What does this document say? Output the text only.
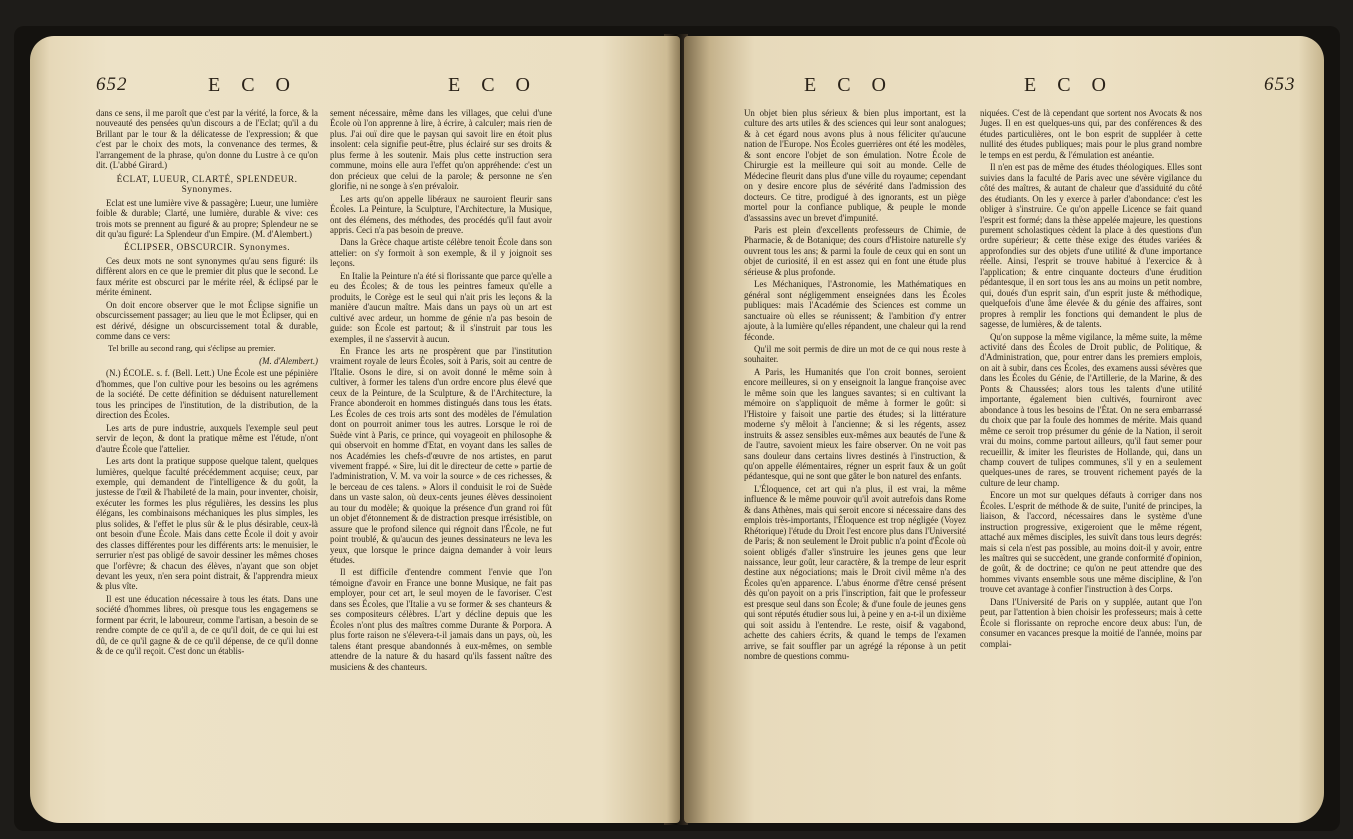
652	E C O	E C O

dans ce sens, il me paroît que c'est par la vérité, la force, & la nouveauté des pensées qu'un discours a de l'Eclat; qu'il a du Brillant par le tour & la délicatesse de l'expression; & que c'est par le choix des mots, la convenance des termes, & l'arrangement de la phrase, qu'on donne du Lustre à ce qu'on dit. (L'abbé Girard.)

ÉCLAT, LUEUR, CLARTÉ, SPLENDEUR. Synonymes.

Eclat est une lumière vive & passagère; Lueur, une lumière foible & durable; Clarté, une lumière, durable & vive: ces trois mots se prennent au figuré & au propre; Splendeur ne se dit qu'au figuré: La Splendeur d'un Empire. (M. d'Alembert.)

ÉCLIPSER, OBSCURCIR. Synonymes.

Ces deux mots ne sont synonymes qu'au sens figuré: ils diffèrent alors en ce que le premier dit plus que le second. Le faux mérite est obscurci par le mérite réel, & éclipsé par le mérite éminent.

On doit encore observer que le mot Éclipse signifie un obscurcissement passager; au lieu que le mot Éclipser, qui en est dérivé, désigne un obscurcissement total & durable, comme dans ce vers:

Tel brille au second rang, qui s'éclipse au premier.

(M. d'Alembert.)

(N.) ÉCOLE. s. f. (Bell. Lett.) Une École est une pépinière d'hommes, que l'on cultive pour les besoins ou les agrémens de la société. De cette définition se déduisent naturellement tous les principes de l'institution, de la distribution, de la direction des Écoles.

Les arts de pure industrie, auxquels l'exemple seul peut servir de leçon, & dont la pratique même est l'étude, n'ont d'autre École que l'attelier.

Les arts dont la pratique suppose quelque talent, quelques lumières, quelque faculté précédemment acquise; ceux, par exemple, qui demandent de l'intelligence & du goût, la justesse de l'œil & l'habileté de la main, pour inventer, choisir, exécuter les formes les plus régulières, les dessins les plus élégans, les combinaisons méchaniques les plus simples, les plus solides, & l'effet le plus sûr & le plus désirable, ceux-là ont besoin d'une École. Mais dans cette École il doit y avoir des classes différentes pour les différents arts: le menuisier, le serrurier n'est pas obligé de savoir dessiner les mêmes choses que l'orfèvre; & chacun des élèves, n'ayant que son objet devant les yeux, n'en sera point distrait, & l'apprendra mieux & plus vîte.

Il est une éducation nécessaire à tous les états. Dans une société d'hommes libres, où presque tous les engagemens se forment par écrit, le laboureur, comme l'artisan, a besoin de se rendre compte de ce qu'il a, de ce qu'il doit, de ce qui lui est dû, de ce qu'il gagne & de ce qu'il dépense, de ce qu'il donne & de ce qu'il reçoit. C'est donc un établis-

sement nécessaire, même dans les villages, que celui d'une École où l'on apprenne à lire, à écrire, à calculer; mais rien de plus. J'ai ouï dire que le paysan qui savoit lire en étoit plus insolent: cela signifie peut-être, plus éclairé sur ses droits & plus ferme à les soutenir. Mais plus cette instruction sera commune, moins elle aura l'effet qu'on appréhende: c'est un don précieux que celui de la parole; & personne ne s'en glorifie, ni ne songe à s'en prévaloir.

Les arts qu'on appelle libéraux ne sauroient fleurir sans Écoles. La Peinture, la Sculpture, l'Architecture, la Musique, ont des élémens, des méthodes, des procédés qu'il faut avoir appris. Ceci n'a pas besoin de preuve.

Dans la Grèce chaque artiste célèbre tenoit École dans son attelier: on s'y formoit à son exemple, & il y joignoit ses leçons.

En Italie la Peinture n'a été si florissante que parce qu'elle a eu des Écoles; & de tous les peintres fameux qu'elle a produits, le Corège est le seul qui n'ait pris les leçons & la manière d'aucun maître. Mais dans un pays où un art est cultivé avec ardeur, un homme de génie n'a pas besoin de guide: son École est partout; & il s'instruit par tous les exemples, il ne s'asservit à aucun.

En France les arts ne prospèrent que par l'institution vraiment royale de leurs Écoles, soit à Paris, soit au centre de l'Italie. Osons le dire, si on avoit donné le même soin à cultiver, à former les talens d'un ordre encore plus élevé que ceux de la Peinture, de la Sculpture, & de l'Architecture, la France abonderoit en hommes distingués dans tous les états. Les Écoles de ces trois arts sont des modèles de l'émulation dont on pourroit animer tous les autres. Lorsque le roi de Suède vint à Paris, ce prince, qui voyageoit en philosophe & qui observoit en homme d'Etat, en voyant dans les salles de nos Académies les chefs-d'œuvre de nos artistes, en parut vivement frappé. « Sire, lui dit le directeur de cette » partie de l'administration, V. M. va voir la source » de ces richesses, & le berceau de ces talens. » Alors il conduisit le roi de Suède dans un vaste salon, où deux-cents jeunes élèves dessinoient au tour du modèle; & quoique la présence d'un grand roi fût un objet d'étonnement & de distraction presque irrésistible, on assure que le profond silence qui régnoit dans l'École, ne fut point troublé, & qu'aucun des jeunes dessinateurs ne leva les yeux, que lorsque le prince daigna demander à voir leurs études.

Il est difficile d'entendre comment l'envie que l'on témoigne d'avoir en France une bonne Musique, ne fait pas employer, pour cet art, le seul moyen de le favoriser. C'est dans ses Écoles, que l'Italie a vu se former & ses chanteurs & ses compositeurs célèbres. L'art y décline depuis que les Écoles n'ont plus des maîtres comme Durante & Porpora. A plus forte raison ne s'élevera-t-il jamais dans un pays, où, les talens étant presque abandonnés à eux-mêmes, on semble attendre de la nature & du hasard qu'ils fassent naître des musiciens & des chanteurs.

E C O	E C O	653

Un objet bien plus sérieux & bien plus important, est la culture des arts utiles & des sciences qui leur sont analogues; & à cet égard nous avons plus à nous féliciter qu'aucune nation de l'Europe. Nos Écoles guerrières ont été les modèles, & sont encore l'objet de son émulation. Notre École de Chirurgie est la meilleure qui soit au monde. Celle de Médecine fleurit dans plus d'une ville du royaume; cependant on y desire encore plus de sévérité dans l'admission des docteurs. Ce titre, prodigué à des ignorants, est un piège mortel pour la confiance publique, & peuple le monde d'assassins avec un brevet d'impunité.

Paris est plein d'excellents professeurs de Chimie, de Pharmacie, & de Botanique; des cours d'Histoire naturelle s'y ouvrent tous les ans; & parmi la foule de ceux qui en sont un objet de curiosité, il en est assez qui en font une étude plus sérieuse & plus profonde.

Les Méchaniques, l'Astronomie, les Mathématiques en général sont négligemment enseignées dans les Écoles publiques: mais l'Académie des Sciences est comme un sanctuaire où elles se réunissent; & l'ambition d'y entrer ajoute, à la lumière qu'elles répandent, une chaleur qui la rend féconde.

Qu'il me soit permis de dire un mot de ce qui nous reste à souhaiter.

A Paris, les Humanités que l'on croit bonnes, seroient encore meilleures, si on y enseignoit la langue françoise avec le même soin que les langues savantes; si en cultivant la mémoire on s'appliquoit de même à former le goût: si l'Histoire y faisoit une partie des études; si la littérature moderne s'y mêloit à l'ancienne; & si les régents, assez instruits & assez sensibles eux-mêmes aux beautés de l'une & de l'autre, savoient mieux les faire observer. On ne voit pas sans douleur dans certains livres destinés à l'instruction, & qu'on appelle élémentaires, régner un esprit faux & un goût pédantesque, qui ne sont que gâter le bon naturel des enfants.

L'Éloquence, cet art qui n'a plus, il est vrai, la même influence & le même pouvoir qu'il avoit autrefois dans Rome & dans Athènes, mais qui seroit encore si nécessaire dans des emplois très-importants, l'Éloquence est trop négligée (Voyez Rhétorique) l'étude du Droit l'est encore plus dans l'Université de Paris; & non seulement le Droit public n'a point d'École où soient obligés d'aller s'instruire les jeunes gens que leur naissance, leur goût, leur caractère, & la trempe de leur esprit destine aux négociations; mais le Droit civil même n'a des Écoles qu'en apparence. L'abus énorme d'être censé présent dès qu'on payoit on a pris l'inscription, fait que le professeur est presque seul dans son École; & d'une foule de jeunes gens qui sont réputés étudier sous lui, à peine y en a-t-il un dixième qui soit assidu à l'entendre. Le reste, oisif & vagabond, achette des cahiers écrits, & quand le temps de l'examen arrive, se fait souffler par un agrégé la réponse à un petit nombre de questions commu-

niquées. C'est de là cependant que sortent nos Avocats & nos Juges. Il en est quelques-uns qui, par des conférences & des études particulières, ont le bon esprit de suppléer à cette nullité des études publiques; mais pour le plus grand nombre le temps en est perdu, & l'émulation est anéantie.

Il n'en est pas de même des études théologiques. Elles sont suivies dans la faculté de Paris avec une sévère vigilance du côté des maîtres, & autant de chaleur que d'assiduité du côté des étudiants. On les y exerce à parler d'abondance: c'est les obliger à s'instruire. Ce qu'on appelle Licence se fait quand l'esprit est formé; dans la thèse appelée majeure, les questions purement scholastiques cèdent la place à des questions d'un ordre supérieur; & cette thèse exige des études variées & approfondies sur des objets d'une utilité & d'une importance réelle. Ainsi, l'esprit se trouve habitué à l'exercice & à l'application; & entre cinquante docteurs d'une érudition pédantesque, il en sort tous les ans au moins un petit nombre, qui, doués d'un esprit sain, d'un esprit juste & méthodique, quelquefois d'une âme élevée & du génie des affaires, sont propres à remplir les fonctions qui demandent le plus de sagesse, de lumières, & de talents.

Qu'on suppose la même vigilance, la même suite, la même activité dans des Écoles de Droit public, de Politique, & d'Administration, que, pour entrer dans les premiers emplois, on ait à subir, dans ces Écoles, des examens aussi sévères que dans les Écoles du Génie, de l'Artillerie, de la Marine, & des Ponts & Chaussées; alors tous les talents d'une utilité importante, également bien cultivés, fourniront avec abondance à tous les besoins de l'État. On ne sera embarrassé du choix que par la foule des hommes de mérite. Mais quand même ce seroit trop présumer du génie de la Nation, il seroit vrai du moins, comme partout ailleurs, qu'il faut semer pour recueillir, & imiter les fleuristes de Hollande, qui, dans un champ couvert de tulipes communes, s'il y en a seulement quelques-unes de rares, se trouvent richement payés de la culture de leur champ.

Encore un mot sur quelques défauts à corriger dans nos Écoles. L'esprit de méthode & de suite, l'unité de principes, la liaison, & l'accord, nécessaires dans le système d'une instruction progressive, exigeroient que le même régent, attaché aux mêmes disciples, les suivît dans tous leurs degrés: mais si cela n'est pas possible, au moins doit-il y avoir, entre les maîtres qui se succèdent, une grande conformité d'opinion, de goût, & de doctrine; ce qu'on ne peut attendre que des hommes vivants ensemble sous une même discipline, & l'on trouve cet avantage à confier l'instruction à des Corps.

Dans l'Université de Paris on y supplée, autant que l'on peut, par l'attention à bien choisir les professeurs; mais à cette École si florissante on reproche encore deux abus: l'un, de consumer en vacances presque la moitié de l'année, moins par complai-
